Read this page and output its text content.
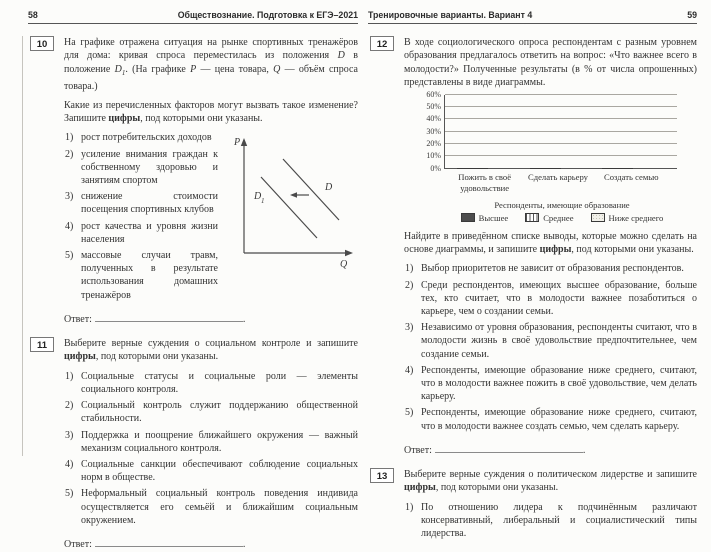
58	Обществознание. Подготовка к ЕГЭ–2021
10	На графике отражена ситуация на рынке спортивных тренажёров для дома: кривая спроса переместилась из положения D в положение $D_1$. (На графике P — цена товара, Q — объём спроса товара.)

Какие из перечисленных факторов могут вызвать такое изменение? Запишите цифры, под которыми они указаны.

P
Q
D
D 1
рост потребительских доходов
усиление внимания граждан к собственному здоровью и занятиям спортом
снижение стоимости посещения спортивных клубов
рост качества и уровня жизни населения
массовые случаи травм, полученных в результате использования домашних тренажёров
Ответ:	.
11	Выберите верные суждения о социальном контроле и запишите цифры, под которыми они указаны.

Социальные статусы и социальные роли — элементы социального контроля.
Социальный контроль служит поддержанию общественной стабильности.
Поддержка и поощрение ближайшего окружения — важный механизм социального контроля.
Социальные санкции обеспечивают соблюдение социальных норм в обществе.
Неформальный социальный контроль поведения индивида осуществляется его семьёй и ближайшим социальным окружением.
Ответ:	.
Тренировочные варианты. Вариант 4	59
12	В ходе социологического опроса респондентам с разным уровнем образования предлагалось ответить на вопрос: «Что важнее всего в молодости?» Полученные результаты (в % от числа опрошенных) представлены в виде диаграммы.

0%
10%
20%
30%
40%
50%
60%
Пожить в своё удовольствие
Сделать карьеру	Создать семью
Респонденты, имеющие образование
Высшее	Среднее	Ниже среднего

Найдите в приведённом списке выводы, которые можно сделать на основе диаграммы, и запишите цифры, под которыми они указаны.

Выбор приоритетов не зависит от образования респондентов.
Среди респондентов, имеющих высшее образование, больше тех, кто считает, что в молодости важнее позаботиться о карьере, чем о создании семьи.
Независимо от уровня образования, респонденты считают, что в молодости жизнь в своё удовольствие предпочтительнее, чем создание семьи.
Респонденты, имеющие образование ниже среднего, считают, что в молодости важнее пожить в своё удовольствие, чем делать карьеру.
Респонденты, имеющие образование ниже среднего, считают, что в молодости важнее создать семью, чем сделать карьеру.
Ответ:	.
13	Выберите верные суждения о политическом лидерстве и запишите цифры, под которыми они указаны.

По отношению лидера к подчинённым различают консервативный, либеральный и социалистический типы лидерства.
